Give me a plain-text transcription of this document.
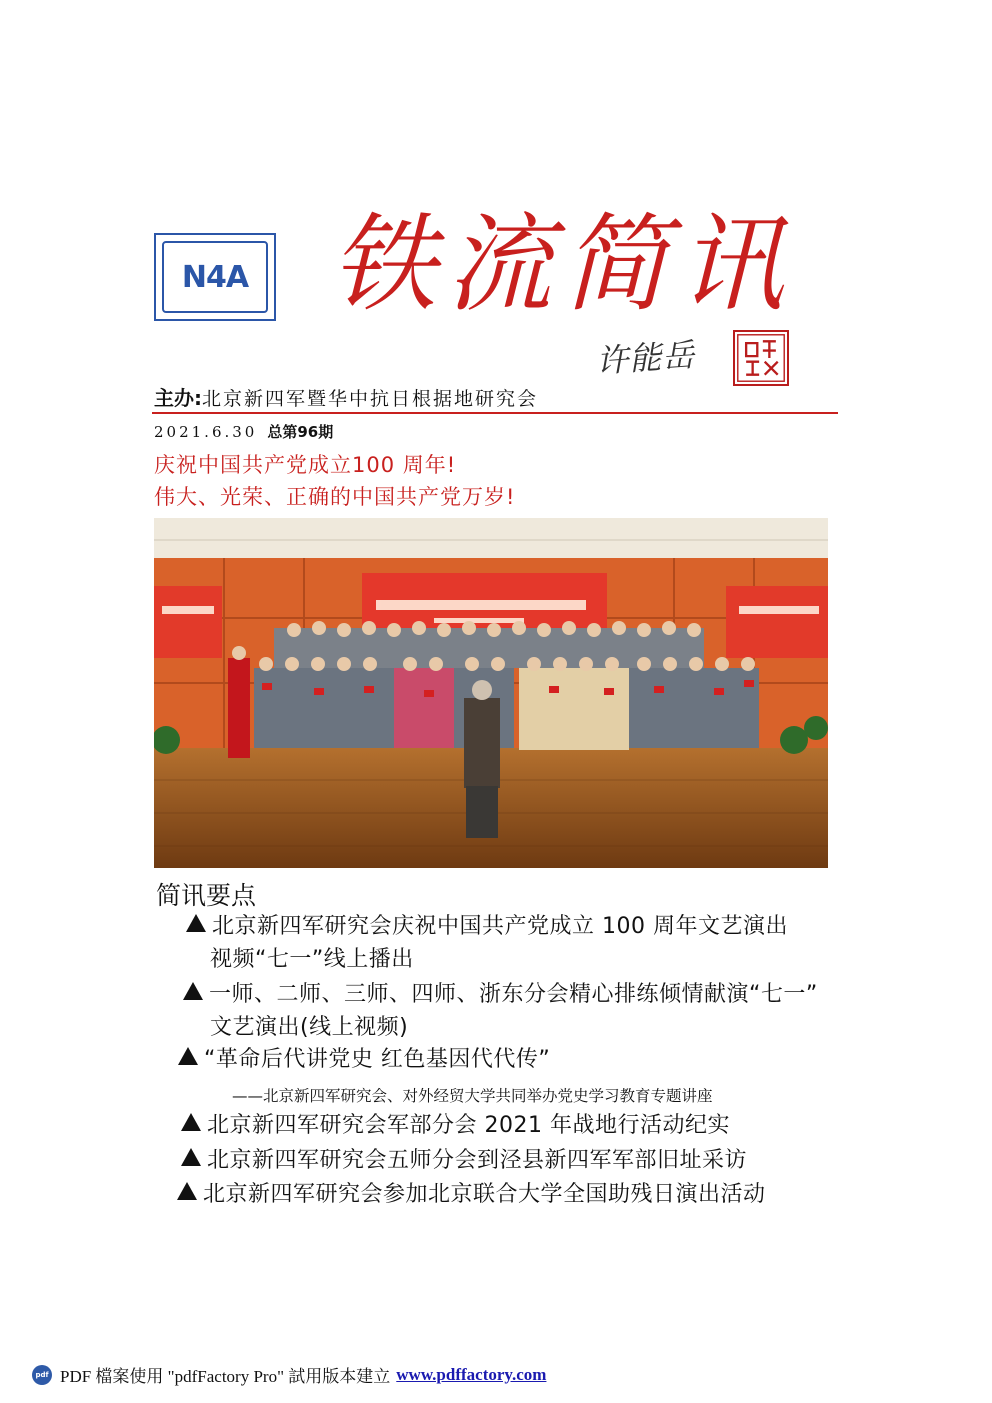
N4A 铁流简讯
许能岳
主办:北京新四军暨华中抗日根据地研究会
2021.6.30 总第96期
庆祝中国共产党成立100 周年!
伟大、光荣、正确的中国共产党万岁!
简讯要点
北京新四军研究会庆祝中国共产党成立 100 周年文艺演出
视频“七一”线上播出
一师、二师、三师、四师、浙东分会精心排练倾情献演“七一”
文艺演出(线上视频)
“革命后代讲党史 红色基因代代传”
——北京新四军研究会、对外经贸大学共同举办党史学习教育专题讲座
北京新四军研究会军部分会 2021 年战地行活动纪实
北京新四军研究会五师分会到泾县新四军军部旧址采访
北京新四军研究会参加北京联合大学全国助残日演出活动
pdf PDF 檔案使用 "pdfFactory Pro" 試用版本建立 www.pdffactory.com
